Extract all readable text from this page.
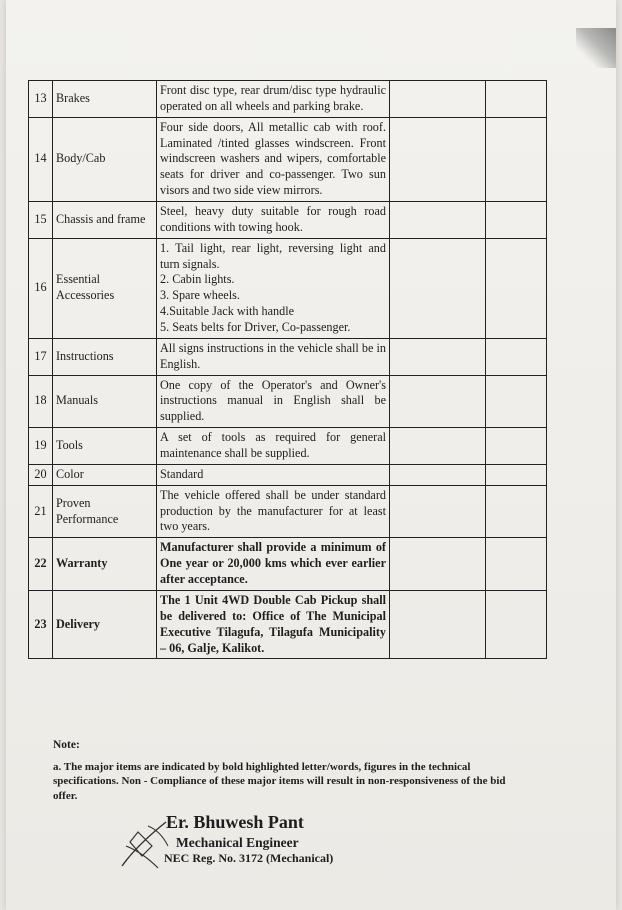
13	Brakes	Front disc type, rear drum/disc type hydraulic operated on all wheels and parking brake.		

14	Body/Cab	Four side doors, All metallic cab with roof. Laminated /tinted glasses windscreen. Front windscreen washers and wipers, comfortable seats for driver and co-passenger. Two sun visors and two side view mirrors.		

15	Chassis and frame	Steel, heavy duty suitable for rough road conditions with towing hook.		

16	Essential Accessories	1. Tail light, rear light, reversing light and turn signals.
2. Cabin lights.
3. Spare wheels.
4.Suitable Jack with handle
5. Seats belts for Driver, Co-passenger.		

17	Instructions	All signs instructions in the vehicle shall be in English.		

18	Manuals	One copy of the Operator's and Owner's instructions manual in English shall be supplied.		

19	Tools	A set of tools as required for general maintenance shall be supplied.		

20	Color	Standard		

21	Proven Performance	The vehicle offered shall be under standard production by the manufacturer for at least two years.		

22	Warranty	Manufacturer shall provide a minimum of One year or 20,000 kms which ever earlier after acceptance.		

23	Delivery	The 1 Unit 4WD Double Cab Pickup shall be delivered to: Office of The Municipal Executive Tilagufa, Tilagufa Municipality – 06, Galje, Kalikot.		

Note:
a. The major items are indicated by bold highlighted letter/words, figures in the technical specifications. Non - Compliance of these major items will result in non-responsiveness of the bid offer.
Er. Bhuwesh Pant
Mechanical Engineer
NEC Reg. No. 3172 (Mechanical)
